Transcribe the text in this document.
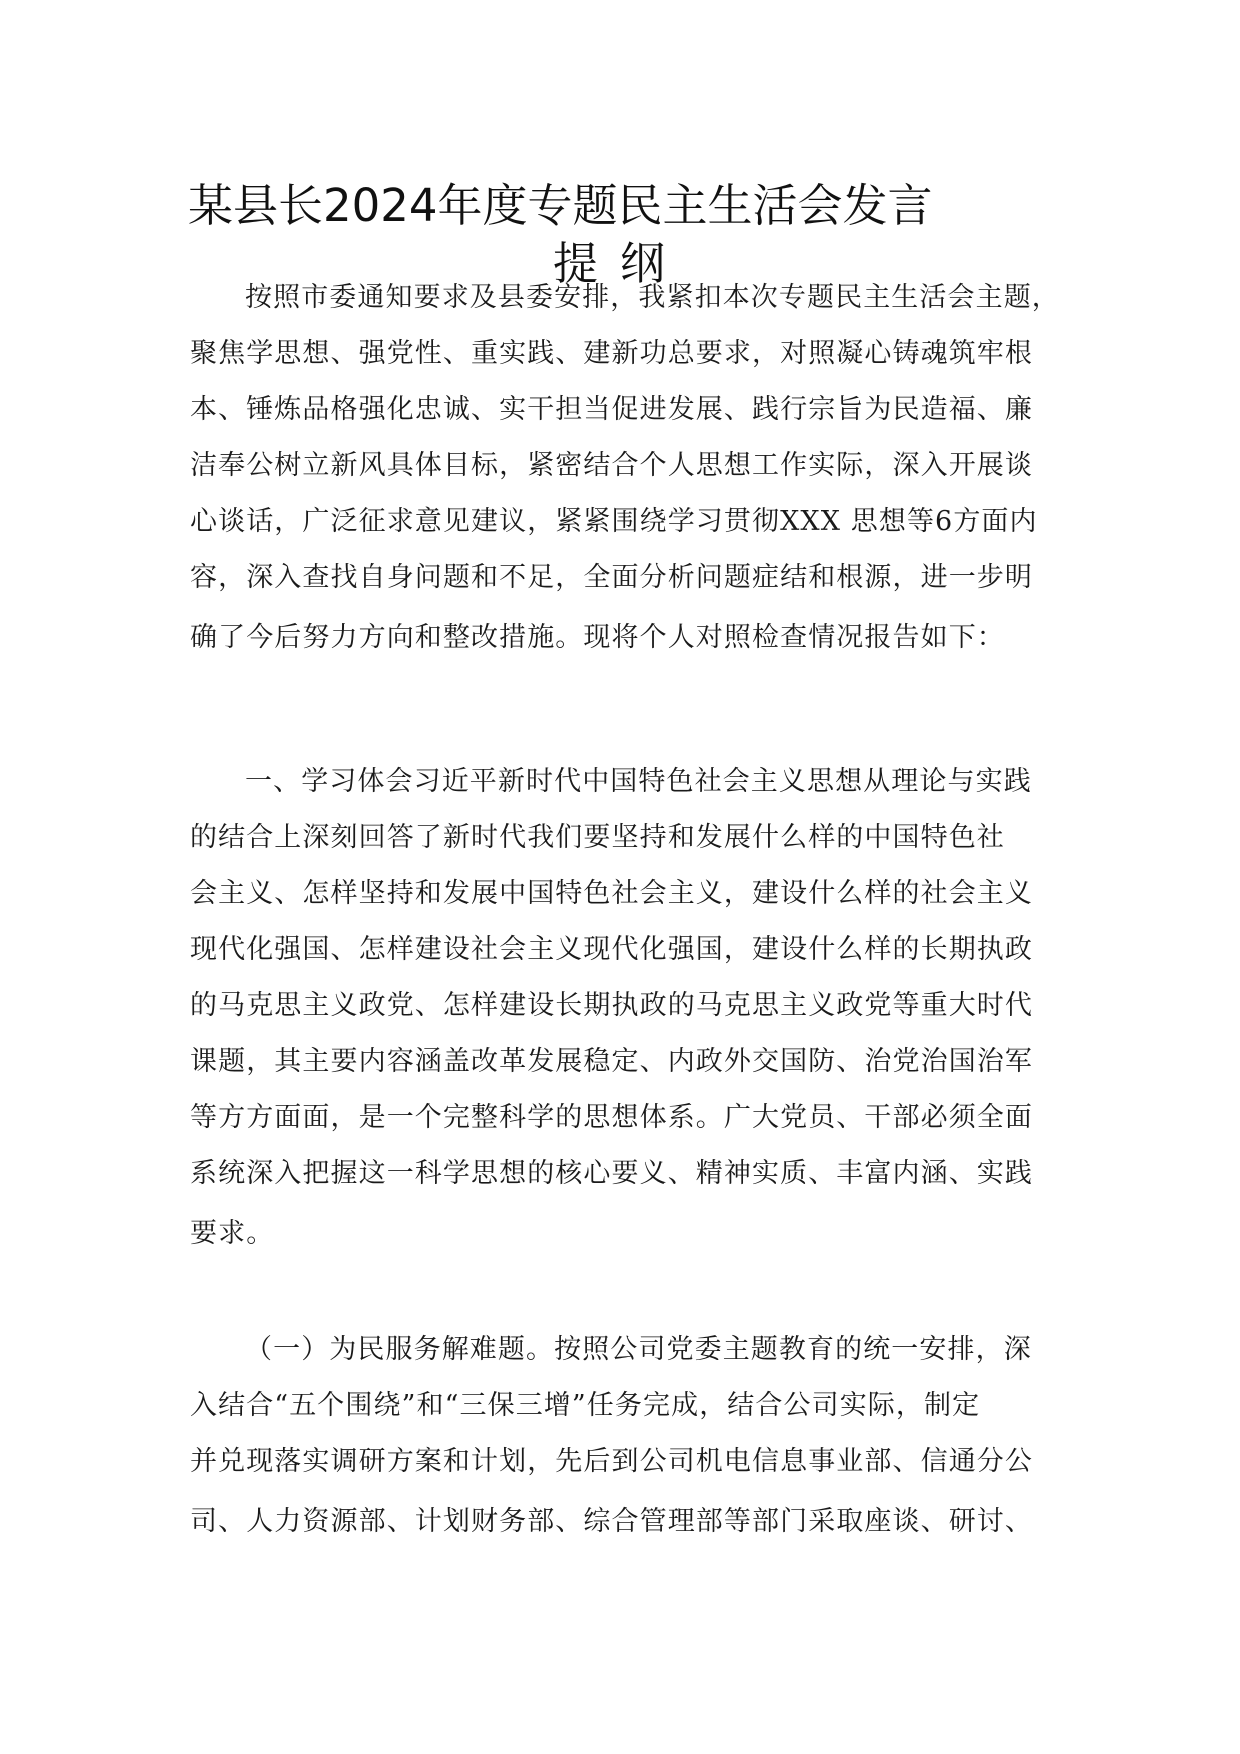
某县长2024年度专题民主生活会发言
提纲
按照市委通知要求及县委安排，我紧扣本次专题民主生活会主题，
聚焦学思想、强党性、重实践、建新功总要求，对照凝心铸魂筑牢根
本、锤炼品格强化忠诚、实干担当促进发展、践行宗旨为民造福、廉
洁奉公树立新风具体目标，紧密结合个人思想工作实际，深入开展谈
心谈话，广泛征求意见建议，紧紧围绕学习贯彻XXX 思想等6方面内
容，深入查找自身问题和不足，全面分析问题症结和根源，进一步明
确了今后努力方向和整改措施。现将个人对照检查情况报告如下：
一、学习体会习近平新时代中国特色社会主义思想从理论与实践
的结合上深刻回答了新时代我们要坚持和发展什么样的中国特色社
会主义、怎样坚持和发展中国特色社会主义，建设什么样的社会主义
现代化强国、怎样建设社会主义现代化强国，建设什么样的长期执政
的马克思主义政党、怎样建设长期执政的马克思主义政党等重大时代
课题，其主要内容涵盖改革发展稳定、内政外交国防、治党治国治军
等方方面面，是一个完整科学的思想体系。广大党员、干部必须全面
系统深入把握这一科学思想的核心要义、精神实质、丰富内涵、实践
要求。
（一）为民服务解难题。按照公司党委主题教育的统一安排，深
入结合“五个围绕”和“三保三增”任务完成，结合公司实际，制定
并兑现落实调研方案和计划，先后到公司机电信息事业部、信通分公
司、人力资源部、计划财务部、综合管理部等部门采取座谈、研讨、
